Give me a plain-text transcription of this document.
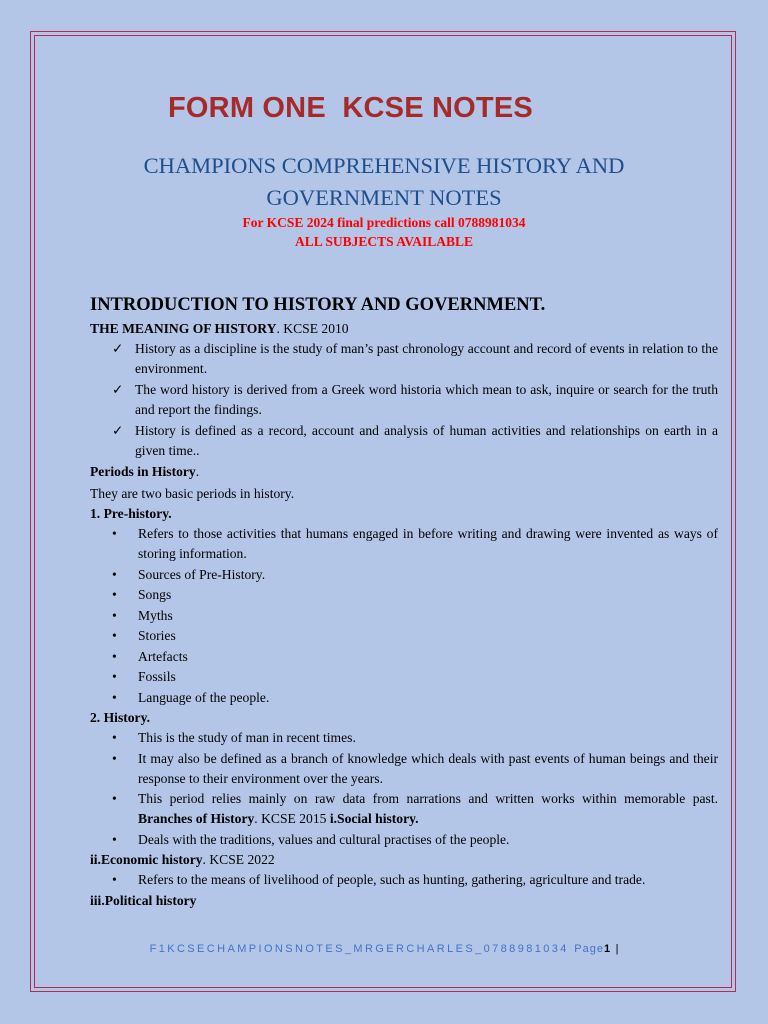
FORM ONE  KCSE NOTES
CHAMPIONS COMPREHENSIVE HISTORY AND
GOVERNMENT NOTES
For KCSE 2024 final predictions call 0788981034
ALL SUBJECTS AVAILABLE
INTRODUCTION TO HISTORY AND GOVERNMENT.

THE MEANING OF HISTORY. KCSE 2010

✓ History as a discipline is the study of man’s past chronology account and record of events in relation to the environment.
✓ The word history is derived from a Greek word historia which mean to ask, inquire or search for the truth and report the findings.
✓ History is defined as a record, account and analysis of human activities and relationships on earth in a given time..

Periods in History.

They are two basic periods in history.

1. Pre-history.

• Refers to those activities that humans engaged in before writing and drawing were invented as ways of storing information.
• Sources of Pre-History.
• Songs
• Myths
• Stories
• Artefacts
• Fossils
• Language of the people.

2. History.

• This is the study of man in recent times.
• It may also be defined as a branch of knowledge which deals with past events of human beings and their response to their environment over the years.
• This period relies mainly on raw data from narrations and written works within memorable past. Branches of History. KCSE 2015 i.Social history.
• Deals with the traditions, values and cultural practises of the people.

ii.Economic history. KCSE 2022

• Refers to the means of livelihood of people, such as hunting, gathering, agriculture and trade.

iii.Political history

F1KCSECHAMPIONSNOTES_MRGERCHARLES_0788981034 Page1 |
